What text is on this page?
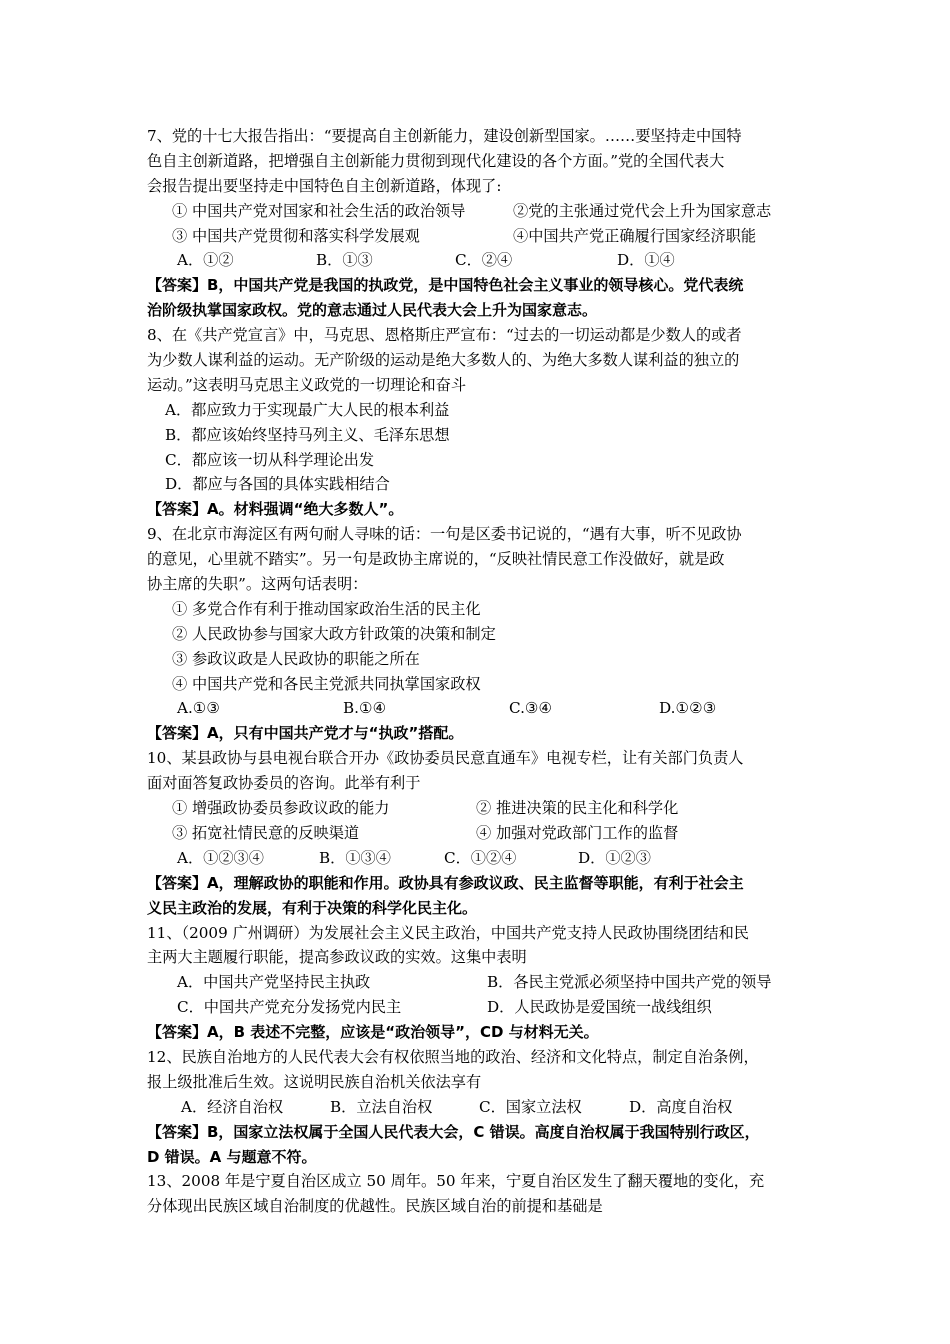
7、党的十七大报告指出：“要提高自主创新能力，建设创新型国家。……要坚持走中国特
色自主创新道路，把增强自主创新能力贯彻到现代化建设的各个方面。”党的全国代表大
会报告提出要坚持走中国特色自主创新道路，体现了:
① 中国共产党对国家和社会生活的政治领导	②党的主张通过党代会上升为国家意志
③ 中国共产党贯彻和落实科学发展观	④中国共产党正确履行国家经济职能
A．①②	B．①③	C．②④	D．①④
【答案】B，中国共产党是我国的执政党，是中国特色社会主义事业的领导核心。党代表统
治阶级执掌国家政权。党的意志通过人民代表大会上升为国家意志。
8、在《共产党宣言》中，马克思、恩格斯庄严宣布：“过去的一切运动都是少数人的或者
为少数人谋利益的运动。无产阶级的运动是绝大多数人的、为绝大多数人谋利益的独立的
运动。”这表明马克思主义政党的一切理论和奋斗
A．都应致力于实现最广大人民的根本利益
B．都应该始终坚持马列主义、毛泽东思想
C．都应该一切从科学理论出发
D．都应与各国的具体实践相结合
【答案】A。材料强调“绝大多数人”。
9、在北京市海淀区有两句耐人寻味的话：一句是区委书记说的，“遇有大事，听不见政协
的意见，心里就不踏实”。另一句是政协主席说的，“反映社情民意工作没做好，就是政
协主席的失职”。这两句话表明：
① 多党合作有利于推动国家政治生活的民主化
② 人民政协参与国家大政方针政策的决策和制定
③ 参政议政是人民政协的职能之所在
④ 中国共产党和各民主党派共同执掌国家政权
A.①③	B.①④	C.③④	D.①②③
【答案】A，只有中国共产党才与“执政”搭配。
10、某县政协与县电视台联合开办《政协委员民意直通车》电视专栏，让有关部门负责人
面对面答复政协委员的咨询。此举有利于
① 增强政协委员参政议政的能力	② 推进决策的民主化和科学化
③ 拓宽社情民意的反映渠道	④ 加强对党政部门工作的监督
A．①②③④	B．①③④	C．①②④	D．①②③
【答案】A，理解政协的职能和作用。政协具有参政议政、民主监督等职能，有利于社会主
义民主政治的发展，有利于决策的科学化民主化。
11、（2009 广州调研）为发展社会主义民主政治，中国共产党支持人民政协围绕团结和民
主两大主题履行职能，提高参政议政的实效。这集中表明
A．中国共产党坚持民主执政	B．各民主党派必须坚持中国共产党的领导
C．中国共产党充分发扬党内民主	D．人民政协是爱国统一战线组织
【答案】A，B 表述不完整，应该是“政治领导”，CD 与材料无关。
12、民族自治地方的人民代表大会有权依照当地的政治、经济和文化特点，制定自治条例，
报上级批准后生效。这说明民族自治机关依法享有
A．经济自治权	B．立法自治权	C．国家立法权	D．高度自治权
【答案】B，国家立法权属于全国人民代表大会，C 错误。高度自治权属于我国特别行政区，
D 错误。A 与题意不符。
13、2008 年是宁夏自治区成立 50 周年。50 年来，宁夏自治区发生了翻天覆地的变化，充
分体现出民族区域自治制度的优越性。民族区域自治的前提和基础是
